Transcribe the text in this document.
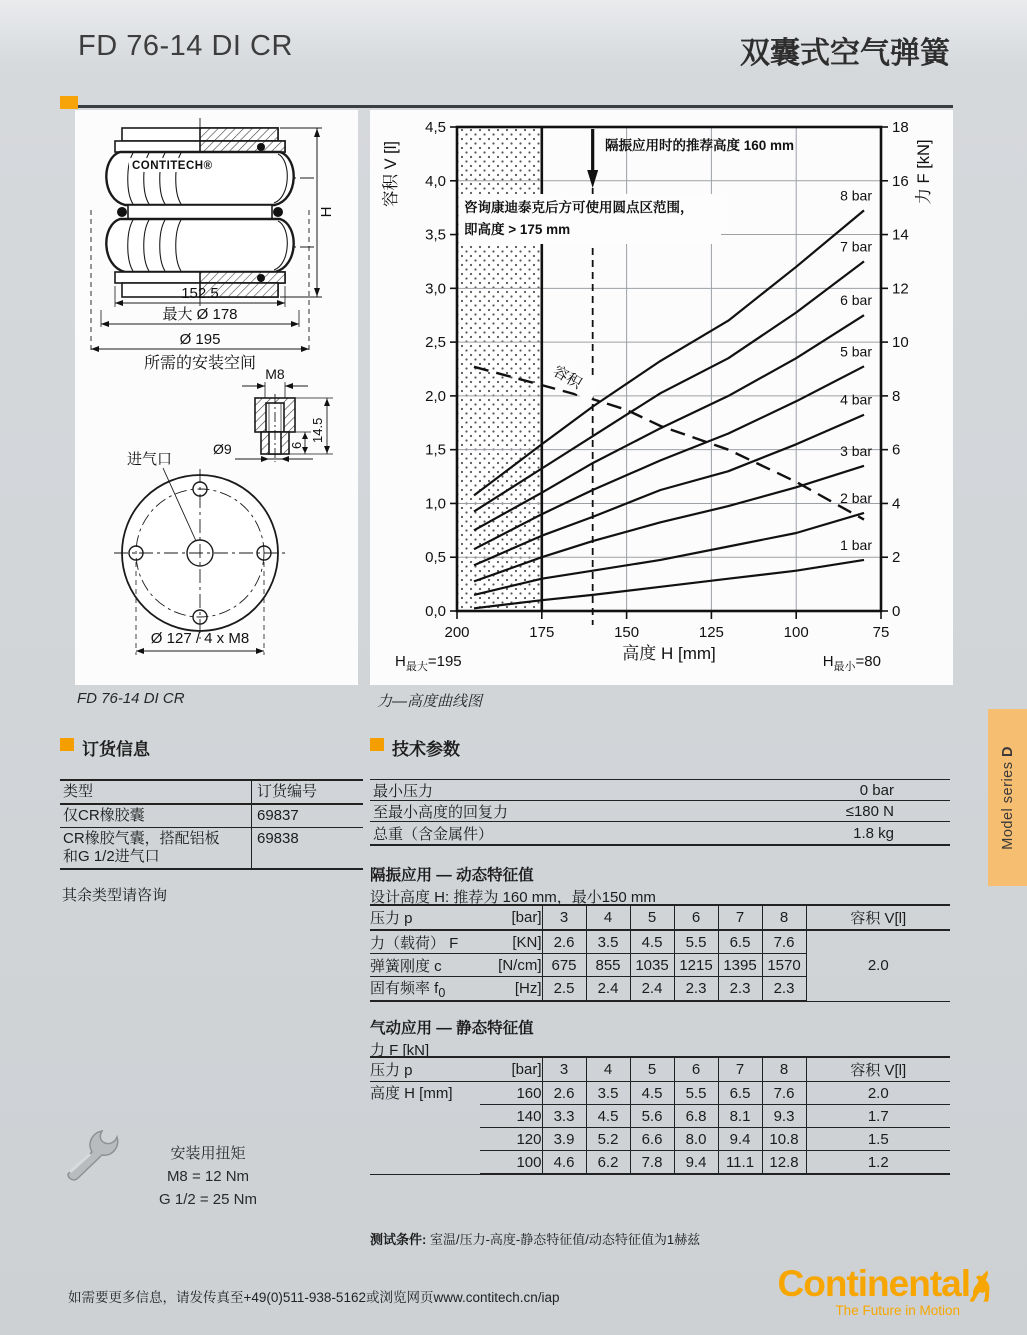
FD 76-14 DI CR	双囊式空气弹簧
CONTITECH®
H
152.5
最大 Ø 178
Ø 195
所需的安装空间
M8
Ø9	6
14.5
进气口
Ø 127 / 4 x M8
8 bar
7 bar
6 bar
5 bar
4 bar
3 bar
2 bar
1 bar
0,0	0
0,5	2
1,0	4
1,5	6
2,0	8
2,5	10
3,0	12
3,5	14
4,0	16
4,5	18
200	175	150	125	100	75
容积 V [l]	力 F [kN]
高度 H [mm]
$H_{最大}=195$	$H_{最小}=80$
隔振应用时的推荐高度 160 mm
咨询康迪泰克后方可使用圆点区范围，
即高度 > 175 mm
容积
FD 76-14 DI CR	力—高度曲线图
订货信息
类型	订货编号
仅CR橡胶囊	69837
CR橡胶气囊，搭配铝板
和G 1/2进气口
69838
其余类型请咨询
技术参数
最小压力	0 bar
至最小高度的回复力	≤180 N
总重（含金属件）	1.8 kg
隔振应用 — 动态特征值
设计高度 H: 推荐为 160 mm，最小150 mm
压力 p	[bar]	3	4	5	6	7	8	容积 V[l]
力（载荷） F	[KN]	2.6	3.5	4.5	5.5	6.5	7.6	2.0
弹簧刚度 c	[N/cm]	675	855	1035	1215	1395	1570	
固有频率 $f_0$	[Hz]	2.5	2.4	2.4	2.3	2.3	2.3	
气动应用 — 静态特征值
力 F [kN]
压力 p	[bar]	3	4	5	6	7	8	容积 V[l]
高度 H [mm]	160	2.6	3.5	4.5	5.5	6.5	7.6	2.0
	140	3.3	4.5	5.6	6.8	8.1	9.3	1.7
	120	3.9	5.2	6.6	8.0	9.4	10.8	1.5
	100	4.6	6.2	7.8	9.4	11.1	12.8	1.2
测试条件: 室温/压力-高度-静态特征值/动态特征值为1赫兹
安装用扭矩
M8 = 12 Nm
G 1/2 = 25 Nm
如需要更多信息，请发传真至+49(0)511-938-5162或浏览网页www.contitech.cn/iap	Continental
The Future in Motion
Model series D
